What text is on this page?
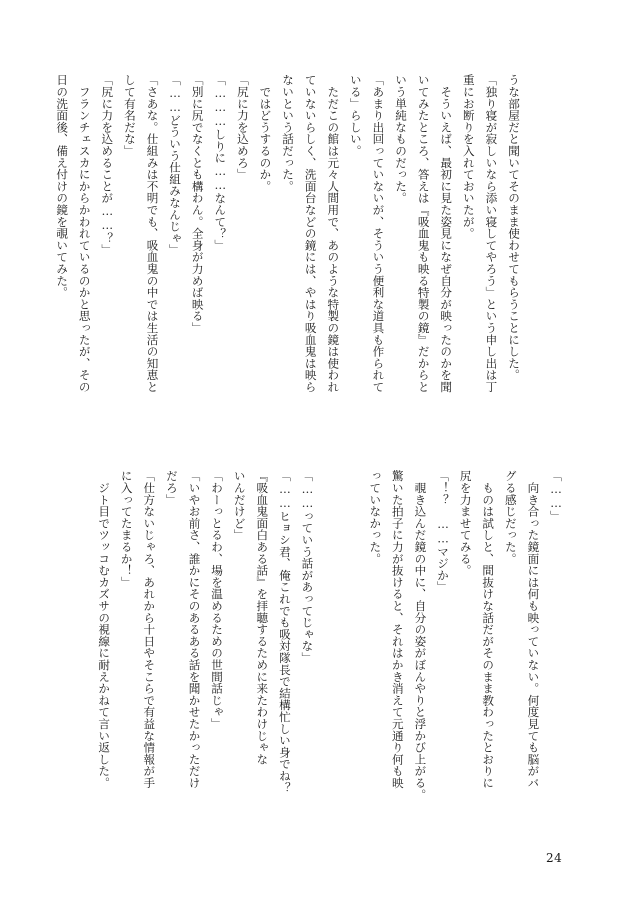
うな部屋だと聞いてそのまま使わせてもらうことにした。
「独り寝が寂しいなら添い寝してやろう」という申し出は丁
重にお断りを入れておいたが。
　そういえば、最初に見た姿見になぜ自分が映ったのかを聞
いてみたところ、答えは『吸血鬼も映る特製の鏡』だからと
いう単純なものだった。
「あまり出回っていないが、そういう便利な道具も作られて
いる」らしい。
　ただこの館は元々人間用で、あのような特製の鏡は使われ
ていないらしく、洗面台などの鏡には、やはり吸血鬼は映ら
ないという話だった。
　ではどうするのか。
「尻に力を込めろ」
「………しりに……なんて？」
「別に尻でなくとも構わん。全身が力めば映る」
「……どういう仕組みなんじゃ」
「さあな。仕組みは不明でも、吸血鬼の中では生活の知恵と
して有名だな」
「尻に力を込めることが……？」
　フランチェスカにからかわれているのかと思ったが、その
日の洗面後、備え付けの鏡を覗いてみた。
「……」
　向き合った鏡面には何も映っていない。何度見ても脳がバ
グる感じだった。
　ものは試しと、間抜けな話だがそのまま教わったとおりに
尻を力ませてみる。
「！？　……マジか」
　覗き込んだ鏡の中に、自分の姿がぼんやりと浮かび上がる。
驚いた拍子に力が抜けると、それはかき消えて元通り何も映
っていなかった。

「……っていう話があってじゃな」
「……ヒョシ君、俺これでも吸対隊長で結構忙しい身でね？
『吸血鬼面白ある話』を拝聴するために来たわけじゃな
いんだけど」
「わーっとるわ、場を温めるための世間話じゃ」
「いやお前さ、誰かにそのあるある話を聞かせたかっただけ
だろ」
「仕方ないじゃろ、あれから十日やそこらで有益な情報が手
に入ってたまるか！」
　ジト目でツッコむカズサの視線に耐えかねて言い返した。
24
